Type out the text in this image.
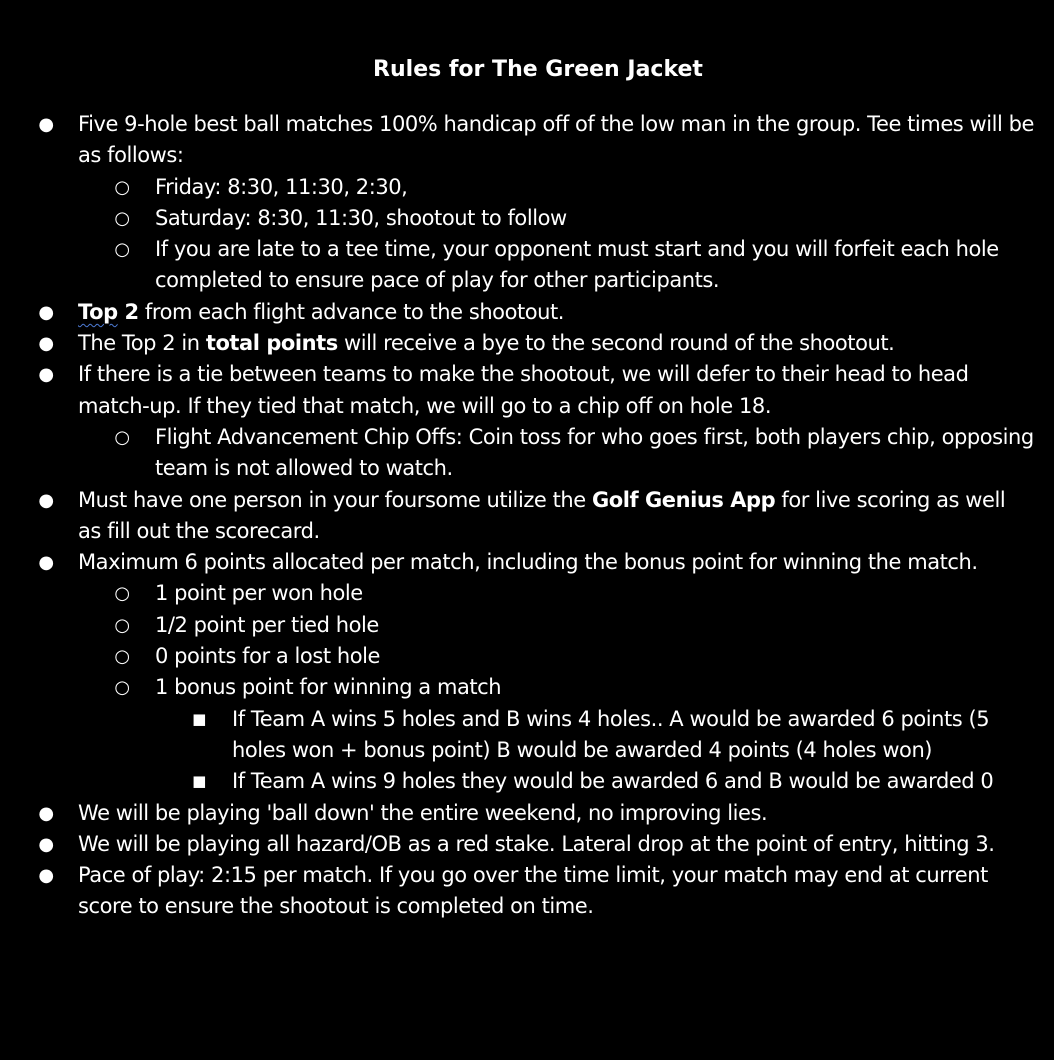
Rules for The Green Jacket
● Five 9-hole best ball matches 100% handicap off of the low man in the group. Tee times will be as follows:
○ Friday: 8:30, 11:30, 2:30,
○ Saturday: 8:30, 11:30, shootout to follow
○ If you are late to a tee time, your opponent must start and you will forfeit each hole completed to ensure pace of play for other participants.
● Top 2 from each flight advance to the shootout.
● The Top 2 in total points will receive a bye to the second round of the shootout.
● If there is a tie between teams to make the shootout, we will defer to their head to head match-up. If they tied that match, we will go to a chip off on hole 18.
○ Flight Advancement Chip Offs: Coin toss for who goes first, both players chip, opposing team is not allowed to watch.
● Must have one person in your foursome utilize the Golf Genius App for live scoring as well as fill out the scorecard.
● Maximum 6 points allocated per match, including the bonus point for winning the match.
○ 1 point per won hole
○ 1/2 point per tied hole
○ 0 points for a lost hole
○ 1 bonus point for winning a match
■ If Team A wins 5 holes and B wins 4 holes.. A would be awarded 6 points (5 holes won + bonus point) B would be awarded 4 points (4 holes won)
■ If Team A wins 9 holes they would be awarded 6 and B would be awarded 0
● We will be playing 'ball down' the entire weekend, no improving lies.
● We will be playing all hazard/OB as a red stake. Lateral drop at the point of entry, hitting 3.
● Pace of play: 2:15 per match. If you go over the time limit, your match may end at current score to ensure the shootout is completed on time.
